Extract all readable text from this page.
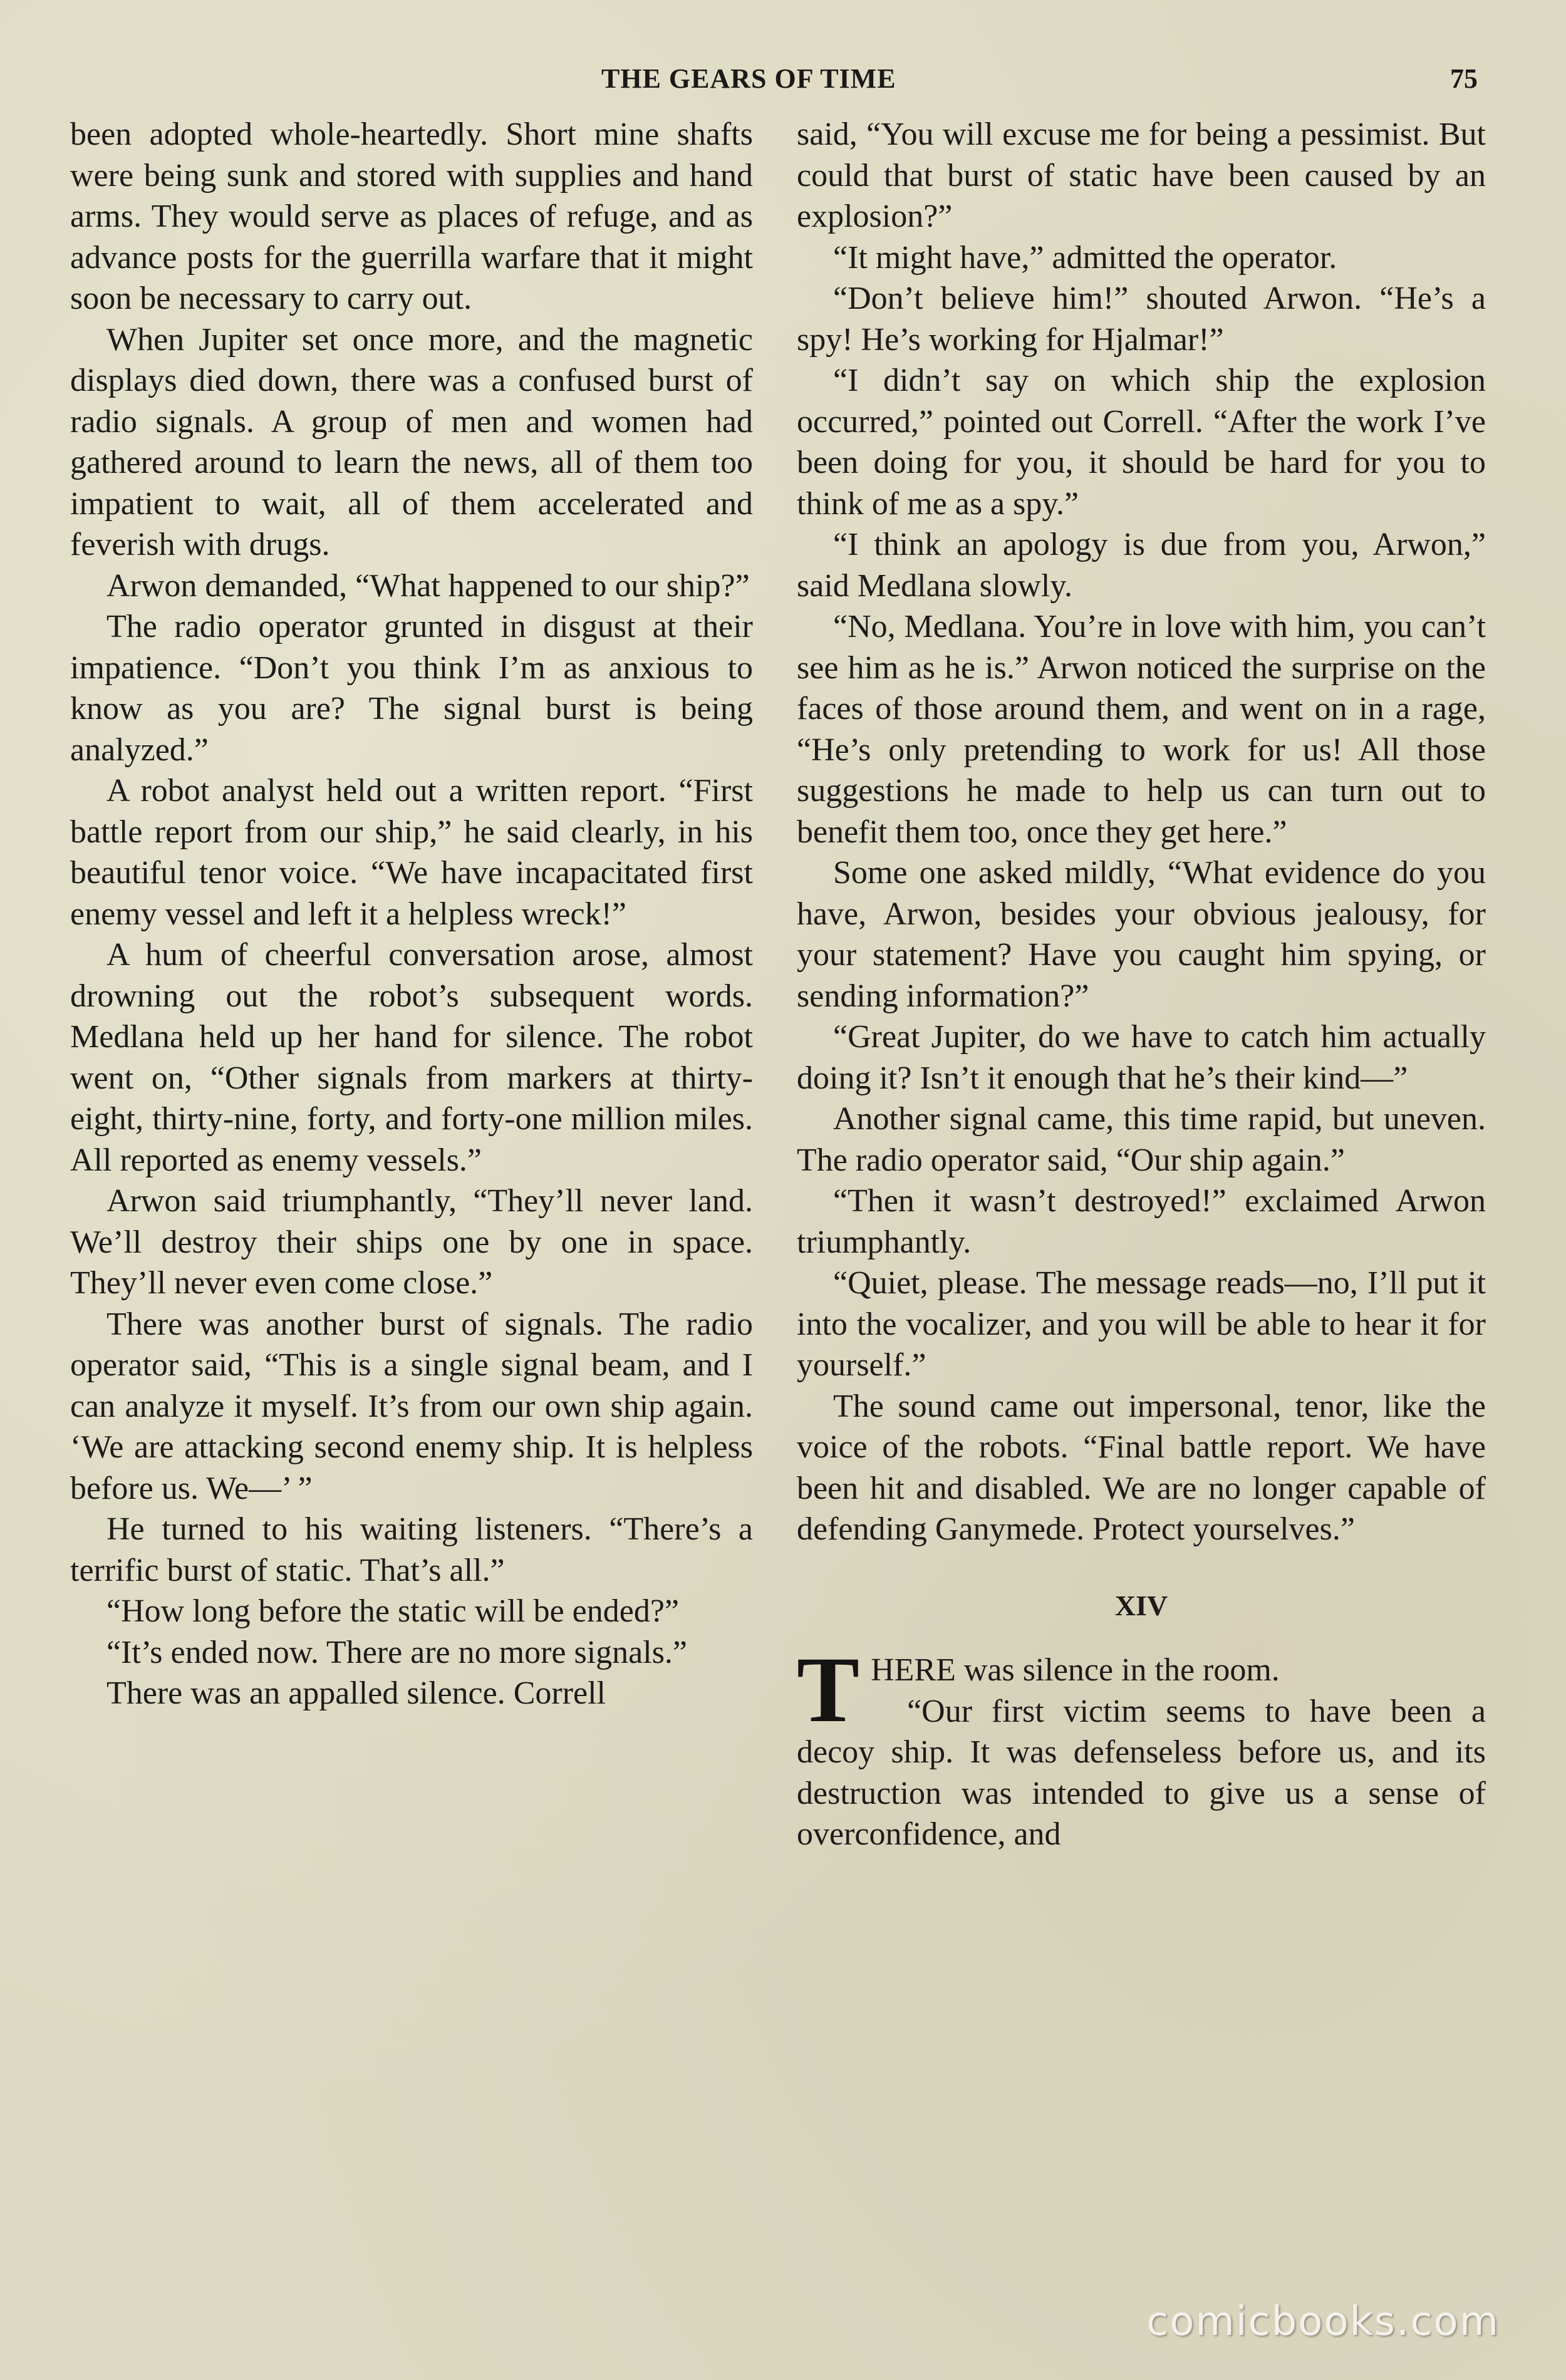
THE GEARS OF TIME	75

been adopted whole-heartedly. Short mine shafts were being sunk and stored with supplies and hand arms. They would serve as places of refuge, and as advance posts for the guerrilla warfare that it might soon be necessary to carry out.

When Jupiter set once more, and the magnetic displays died down, there was a confused burst of radio signals. A group of men and women had gathered around to learn the news, all of them too impatient to wait, all of them accelerated and feverish with drugs.

Arwon demanded, “What happened to our ship?”

The radio operator grunted in disgust at their impatience. “Don’t you think I’m as anxious to know as you are? The signal burst is being analyzed.”

A robot analyst held out a written report. “First battle report from our ship,” he said clearly, in his beautiful tenor voice. “We have incapacitated first enemy vessel and left it a helpless wreck!”

A hum of cheerful conversation arose, almost drowning out the robot’s subsequent words. Medlana held up her hand for silence. The robot went on, “Other signals from markers at thirty-eight, thirty-nine, forty, and forty-one million miles. All reported as enemy vessels.”

Arwon said triumphantly, “They’ll never land. We’ll destroy their ships one by one in space. They’ll never even come close.”

There was another burst of signals. The radio operator said, “This is a single signal beam, and I can analyze it myself. It’s from our own ship again. ‘We are attacking second enemy ship. It is helpless before us. We—’ ”

He turned to his waiting listeners. “There’s a terrific burst of static. That’s all.”

“How long before the static will be ended?”

“It’s ended now. There are no more signals.”

There was an appalled silence. Correll

said, “You will excuse me for being a pessimist. But could that burst of static have been caused by an explosion?”

“It might have,” admitted the operator.

“Don’t believe him!” shouted Arwon. “He’s a spy! He’s working for Hjalmar!”

“I didn’t say on which ship the explosion occurred,” pointed out Correll. “After the work I’ve been doing for you, it should be hard for you to think of me as a spy.”

“I think an apology is due from you, Arwon,” said Medlana slowly.

“No, Medlana. You’re in love with him, you can’t see him as he is.” Arwon noticed the surprise on the faces of those around them, and went on in a rage, “He’s only pretending to work for us! All those suggestions he made to help us can turn out to benefit them too, once they get here.”

Some one asked mildly, “What evidence do you have, Arwon, besides your obvious jealousy, for your statement? Have you caught him spying, or sending information?”

“Great Jupiter, do we have to catch him actually doing it? Isn’t it enough that he’s their kind—”

Another signal came, this time rapid, but uneven. The radio operator said, “Our ship again.”

“Then it wasn’t destroyed!” exclaimed Arwon triumphantly.

“Quiet, please. The message reads—no, I’ll put it into the vocalizer, and you will be able to hear it for yourself.”

The sound came out impersonal, tenor, like the voice of the robots. “Final battle report. We have been hit and disabled. We are no longer capable of defending Ganymede. Protect yourselves.”

XIV

THERE was silence in the room.

“Our first victim seems to have been a decoy ship. It was defenseless before us, and its destruction was intended to give us a sense of overconfidence, and

comicbooks.com
